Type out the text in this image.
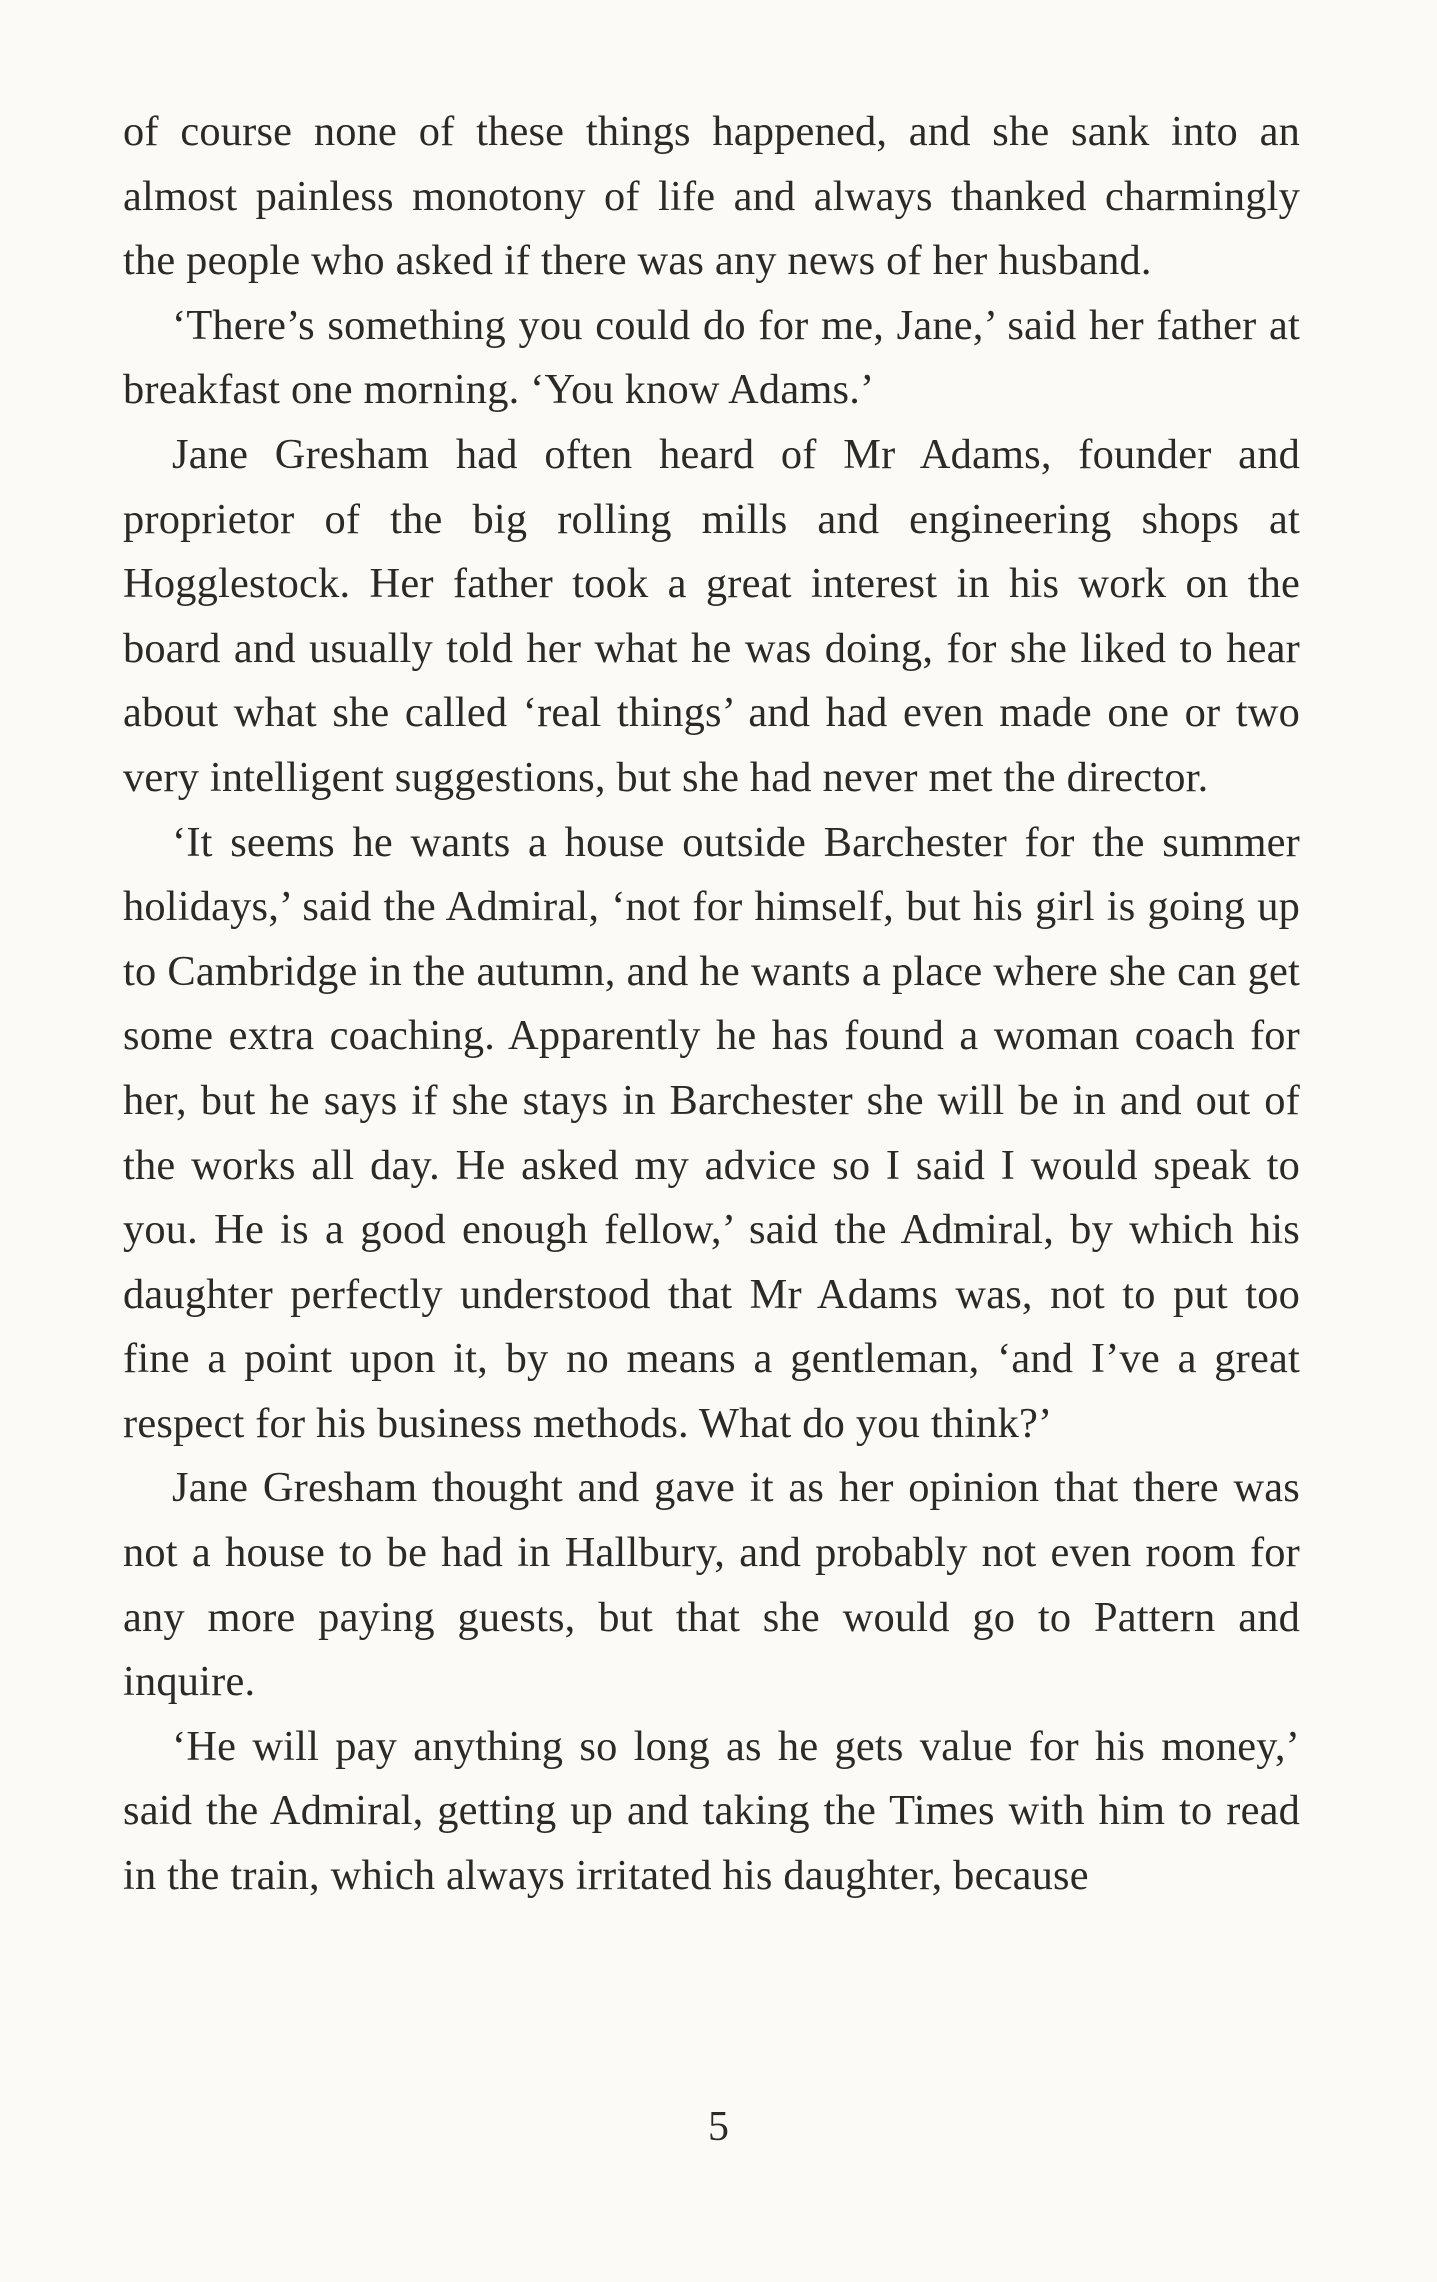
of course none of these things happened, and she sank into an almost painless monotony of life and always thanked charmingly the people who asked if there was any news of her husband.

‘There’s something you could do for me, Jane,’ said her father at breakfast one morning. ‘You know Adams.’

Jane Gresham had often heard of Mr Adams, founder and proprietor of the big rolling mills and engineering shops at Hogglestock. Her father took a great interest in his work on the board and usually told her what he was doing, for she liked to hear about what she called ‘real things’ and had even made one or two very intelligent suggestions, but she had never met the director.

‘It seems he wants a house outside Barchester for the summer holidays,’ said the Admiral, ‘not for himself, but his girl is going up to Cambridge in the autumn, and he wants a place where she can get some extra coaching. Apparently he has found a woman coach for her, but he says if she stays in Barchester she will be in and out of the works all day. He asked my advice so I said I would speak to you. He is a good enough fellow,’ said the Admiral, by which his daughter perfectly understood that Mr Adams was, not to put too fine a point upon it, by no means a gentleman, ‘and I’ve a great respect for his business methods. What do you think?’

Jane Gresham thought and gave it as her opinion that there was not a house to be had in Hallbury, and probably not even room for any more paying guests, but that she would go to Pattern and inquire.

‘He will pay anything so long as he gets value for his money,’ said the Admiral, getting up and taking the Times with him to read in the train, which always irritated his daughter, because

5
